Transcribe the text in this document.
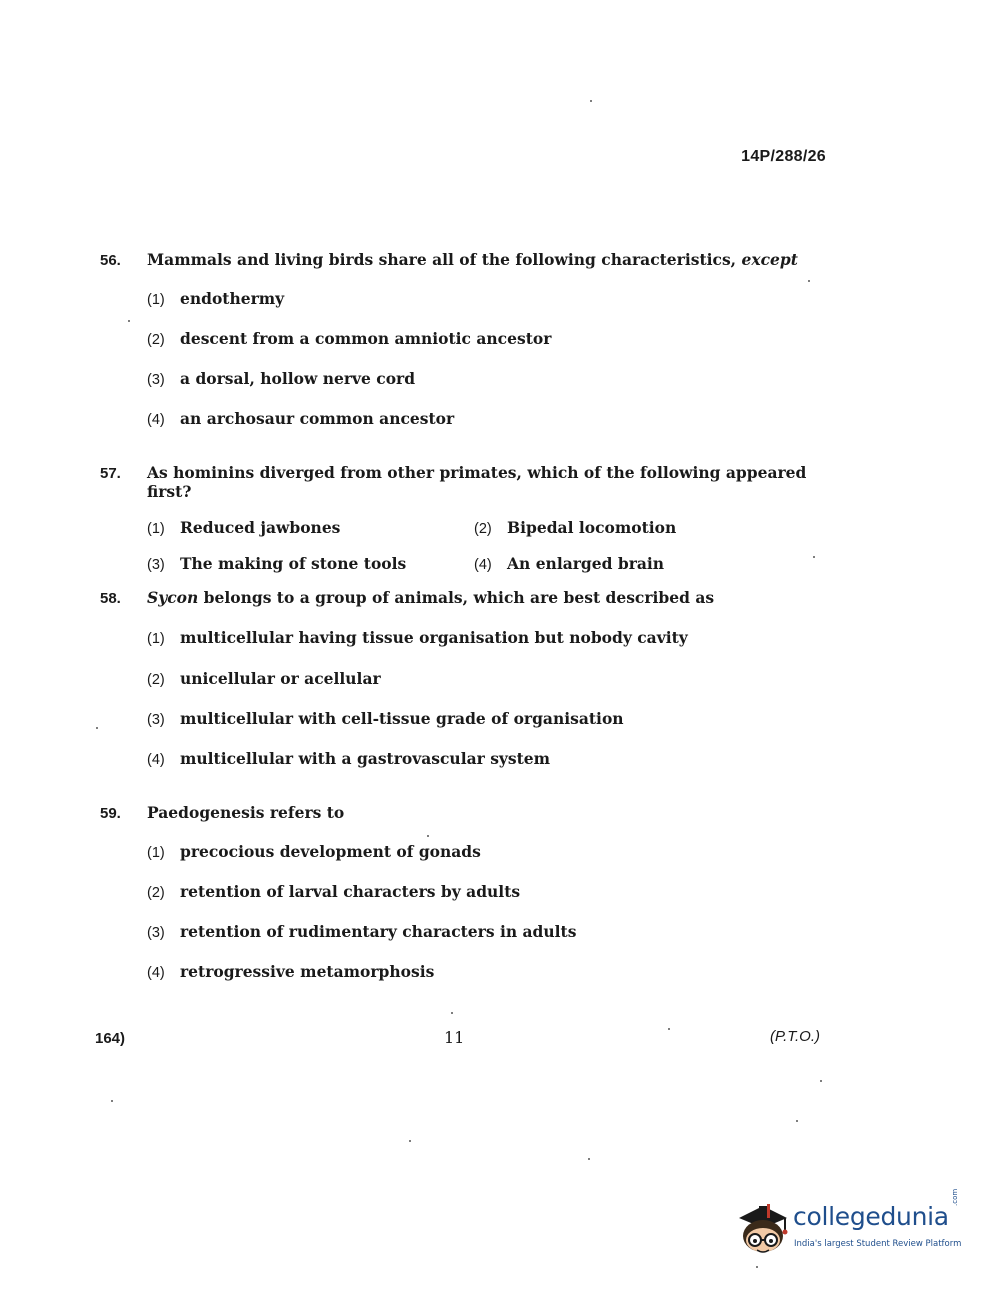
14P/288/26
56.	Mammals and living birds share all of the following characteristics, except
(1) endothermy
(2) descent from a common amniotic ancestor
(3) a dorsal, hollow nerve cord
(4) an archosaur common ancestor
57.	As hominins diverged from other primates, which of the following appeared first?
(1) Reduced jawbones	(2) Bipedal locomotion
(3) The making of stone tools	(4) An enlarged brain
58.	Sycon belongs to a group of animals, which are best described as
(1) multicellular having tissue organisation but nobody cavity
(2) unicellular or acellular
(3) multicellular with cell-tissue grade of organisation
(4) multicellular with a gastrovascular system
59.	Paedogenesis refers to
(1) precocious development of gonads
(2) retention of larval characters by adults
(3) retention of rudimentary characters in adults
(4) retrogressive metamorphosis
164)	11	(P.T.O.)
collegedunia
.com
India's largest Student Review Platform
